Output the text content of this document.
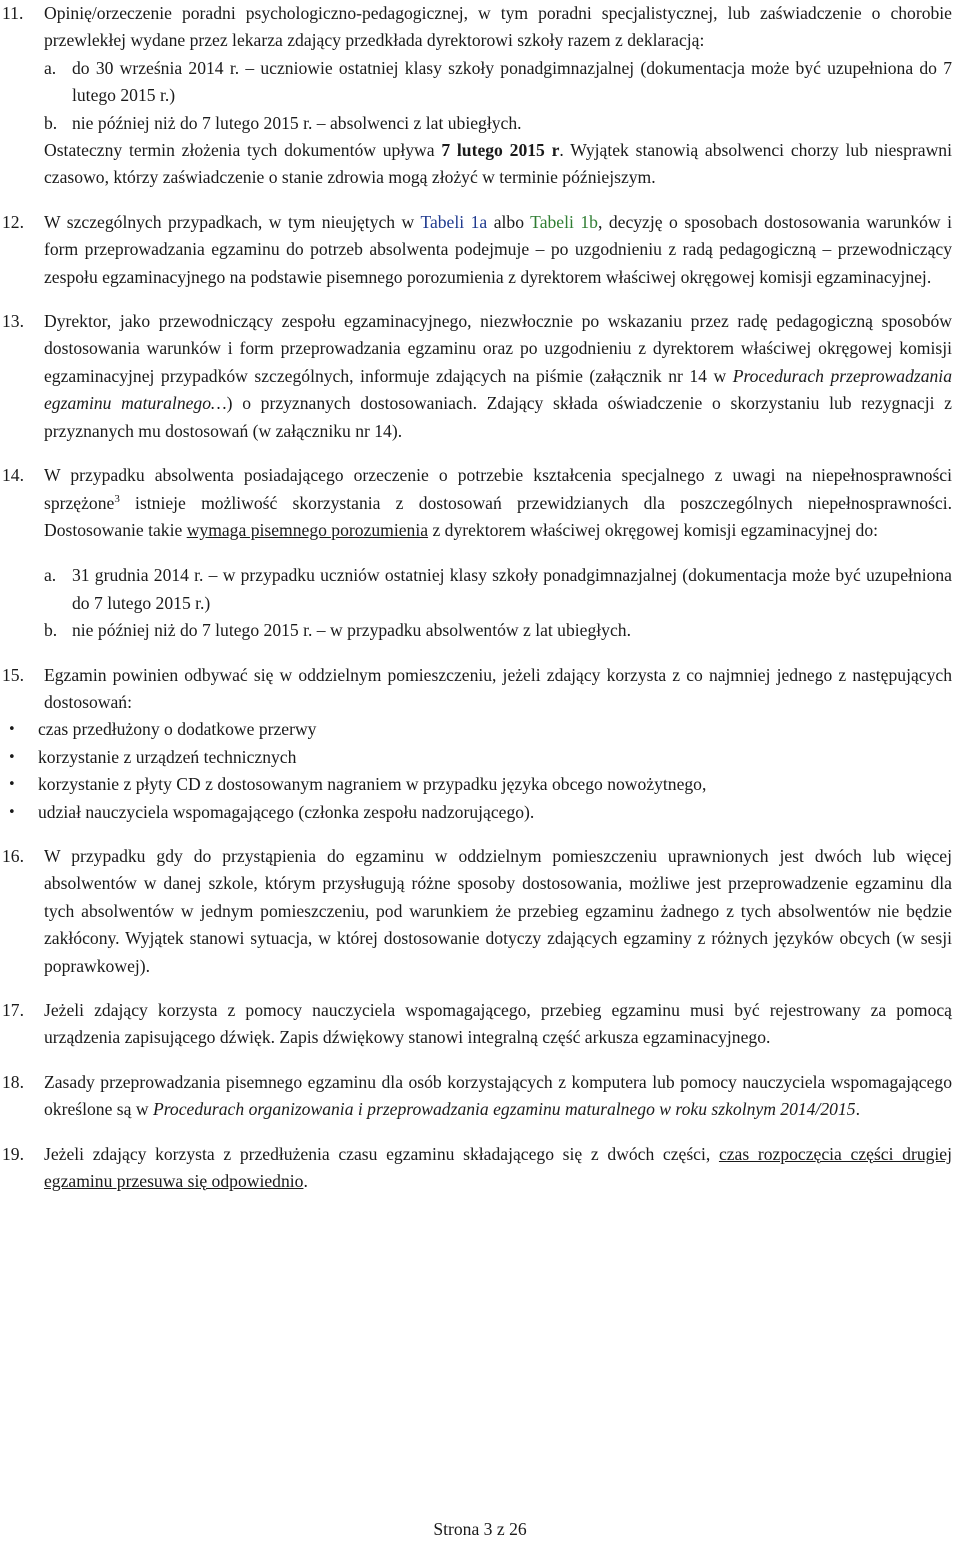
11. Opinię/orzeczenie poradni psychologiczno-pedagogicznej, w tym poradni specjalistycznej, lub zaświadczenie o chorobie przewlekłej wydane przez lekarza zdający przedkłada dyrektorowi szkoły razem z deklaracją:
a. do 30 września 2014 r. – uczniowie ostatniej klasy szkoły ponadgimnazjalnej (dokumentacja może być uzupełniona do 7 lutego 2015 r.)
b. nie później niż do 7 lutego 2015 r. – absolwenci z lat ubiegłych.
Ostateczny termin złożenia tych dokumentów upływa 7 lutego 2015 r. Wyjątek stanowią absolwenci chorzy lub niesprawni czasowo, którzy zaświadczenie o stanie zdrowia mogą złożyć w terminie późniejszym.
12. W szczególnych przypadkach, w tym nieujętych w Tabeli 1a albo Tabeli 1b, decyzję o sposobach dostosowania warunków i form przeprowadzania egzaminu do potrzeb absolwenta podejmuje – po uzgodnieniu z radą pedagogiczną – przewodniczący zespołu egzaminacyjnego na podstawie pisemnego porozumienia z dyrektorem właściwej okręgowej komisji egzaminacyjnej.
13. Dyrektor, jako przewodniczący zespołu egzaminacyjnego, niezwłocznie po wskazaniu przez radę pedagogiczną sposobów dostosowania warunków i form przeprowadzania egzaminu oraz po uzgodnieniu z dyrektorem właściwej okręgowej komisji egzaminacyjnej przypadków szczególnych, informuje zdających na piśmie (załącznik nr 14 w Procedurach przeprowadzania egzaminu maturalnego…) o przyznanych dostosowaniach. Zdający składa oświadczenie o skorzystaniu lub rezygnacji z przyznanych mu dostosowań (w załączniku nr 14).
14. W przypadku absolwenta posiadającego orzeczenie o potrzebie kształcenia specjalnego z uwagi na niepełnosprawności sprzężone$^3$ istnieje możliwość skorzystania z dostosowań przewidzianych dla poszczególnych niepełnosprawności. Dostosowanie takie wymaga pisemnego porozumienia z dyrektorem właściwej okręgowej komisji egzaminacyjnej do:
a. 31 grudnia 2014 r. – w przypadku uczniów ostatniej klasy szkoły ponadgimnazjalnej (dokumentacja może być uzupełniona do 7 lutego 2015 r.)
b. nie później niż do 7 lutego 2015 r. – w przypadku absolwentów z lat ubiegłych.
15. Egzamin powinien odbywać się w oddzielnym pomieszczeniu, jeżeli zdający korzysta z co najmniej jednego z następujących dostosowań:
• czas przedłużony o dodatkowe przerwy
• korzystanie z urządzeń technicznych
• korzystanie z płyty CD z dostosowanym nagraniem w przypadku języka obcego nowożytnego,
• udział nauczyciela wspomagającego (członka zespołu nadzorującego).
16. W przypadku gdy do przystąpienia do egzaminu w oddzielnym pomieszczeniu uprawnionych jest dwóch lub więcej absolwentów w danej szkole, którym przysługują różne sposoby dostosowania, możliwe jest przeprowadzenie egzaminu dla tych absolwentów w jednym pomieszczeniu, pod warunkiem że przebieg egzaminu żadnego z tych absolwentów nie będzie zakłócony. Wyjątek stanowi sytuacja, w której dostosowanie dotyczy zdających egzaminy z różnych języków obcych (w sesji poprawkowej).
17. Jeżeli zdający korzysta z pomocy nauczyciela wspomagającego, przebieg egzaminu musi być rejestrowany za pomocą urządzenia zapisującego dźwięk. Zapis dźwiękowy stanowi integralną część arkusza egzaminacyjnego.
18. Zasady przeprowadzania pisemnego egzaminu dla osób korzystających z komputera lub pomocy nauczyciela wspomagającego określone są w Procedurach organizowania i przeprowadzania egzaminu maturalnego w roku szkolnym 2014/2015.
19. Jeżeli zdający korzysta z przedłużenia czasu egzaminu składającego się z dwóch części, czas rozpoczęcia części drugiej egzaminu przesuwa się odpowiednio.
Strona 3 z 26
